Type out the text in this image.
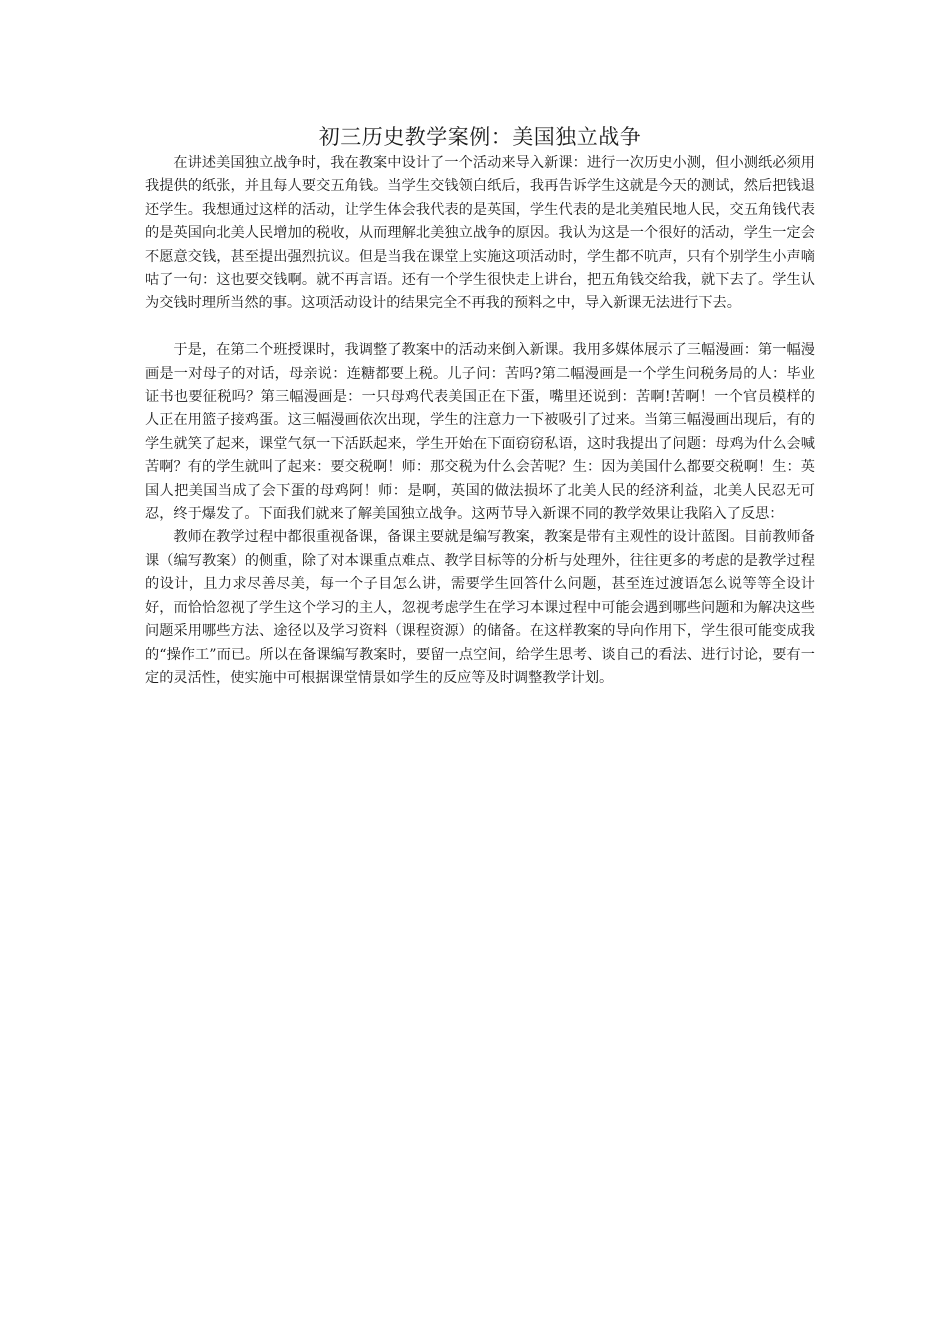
初三历史教学案例：美国独立战争

在讲述美国独立战争时，我在教案中设计了一个活动来导入新课：进行一次历史小测，但小测纸必须用我提供的纸张，并且每人要交五角钱。当学生交钱领白纸后，我再告诉学生这就是今天的测试，然后把钱退还学生。我想通过这样的活动，让学生体会我代表的是英国，学生代表的是北美殖民地人民，交五角钱代表的是英国向北美人民增加的税收，从而理解北美独立战争的原因。我认为这是一个很好的活动，学生一定会不愿意交钱，甚至提出强烈抗议。但是当我在课堂上实施这项活动时，学生都不吭声，只有个别学生小声嘀咕了一句：这也要交钱啊。就不再言语。还有一个学生很快走上讲台，把五角钱交给我，就下去了。学生认为交钱时理所当然的事。这项活动设计的结果完全不再我的预料之中，导入新课无法进行下去。

于是，在第二个班授课时，我调整了教案中的活动来倒入新课。我用多媒体展示了三幅漫画：第一幅漫画是一对母子的对话，母亲说：连糖都要上税。儿子问：苦吗?第二幅漫画是一个学生问税务局的人：毕业证书也要征税吗？第三幅漫画是：一只母鸡代表美国正在下蛋，嘴里还说到：苦啊!苦啊！一个官员模样的人正在用篮子接鸡蛋。这三幅漫画依次出现，学生的注意力一下被吸引了过来。当第三幅漫画出现后，有的学生就笑了起来，课堂气氛一下活跃起来，学生开始在下面窃窃私语，这时我提出了问题：母鸡为什么会喊苦啊？有的学生就叫了起来：要交税啊！师：那交税为什么会苦呢？生：因为美国什么都要交税啊！生：英国人把美国当成了会下蛋的母鸡阿！师：是啊，英国的做法损坏了北美人民的经济利益，北美人民忍无可忍，终于爆发了。下面我们就来了解美国独立战争。这两节导入新课不同的教学效果让我陷入了反思：

教师在教学过程中都很重视备课，备课主要就是编写教案，教案是带有主观性的设计蓝图。目前教师备课（编写教案）的侧重，除了对本课重点难点、教学目标等的分析与处理外，往往更多的考虑的是教学过程的设计，且力求尽善尽美，每一个子目怎么讲，需要学生回答什么问题，甚至连过渡语怎么说等等全设计好，而恰恰忽视了学生这个学习的主人，忽视考虑学生在学习本课过程中可能会遇到哪些问题和为解决这些问题采用哪些方法、途径以及学习资料（课程资源）的储备。在这样教案的导向作用下，学生很可能变成我的“操作工”而已。所以在备课编写教案时，要留一点空间，给学生思考、谈自己的看法、进行讨论，要有一定的灵活性，使实施中可根据课堂情景如学生的反应等及时调整教学计划。
